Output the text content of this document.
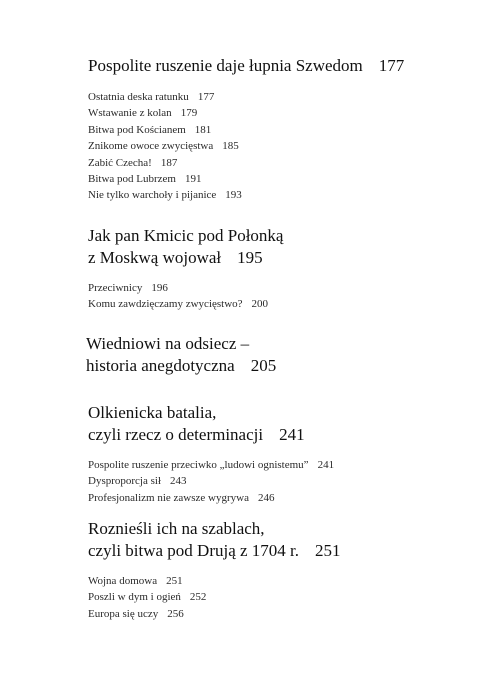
Pospolite ruszenie daje łupnia Szwedom 177
Ostatnia deska ratunku 177
Wstawanie z kolan 179
Bitwa pod Kościanem 181
Znikome owoce zwycięstwa 185
Zabić Czecha! 187
Bitwa pod Lubrzem 191
Nie tylko warchoły i pijanice 193
Jak pan Kmicic pod Połonką
z Moskwą wojował 195
Przeciwnicy 196
Komu zawdzięczamy zwycięstwo? 200
Wiedniowi na odsiecz –
historia anegdotyczna 205
Olkienicka batalia,
czyli rzecz o determinacji 241
Pospolite ruszenie przeciwko „ludowi ognistemu” 241
Dysproporcja sił 243
Profesjonalizm nie zawsze wygrywa 246
Roznieśli ich na szablach,
czyli bitwa pod Drują z 1704 r. 251
Wojna domowa 251
Poszli w dym i ogień 252
Europa się uczy 256
